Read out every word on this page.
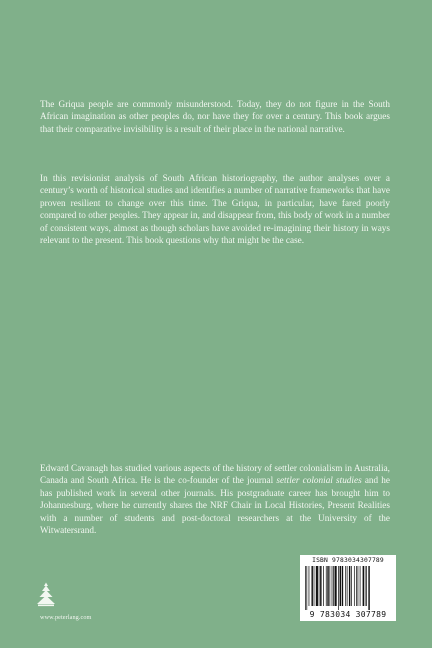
The Griqua people are commonly misunderstood. Today, they do not figure in the South African imagination as other peoples do, nor have they for over a century. This book argues that their comparative invisibility is a result of their place in the national narrative.

In this revisionist analysis of South African historiography, the author analyses over a century’s worth of historical studies and identifies a number of narrative frameworks that have proven resilient to change over this time. The Griqua, in particular, have fared poorly compared to other peoples. They appear in, and disappear from, this body of work in a number of consistent ways, almost as though scholars have avoided re-imagining their history in ways relevant to the present. This book questions why that might be the case.

Edward Cavanagh has studied various aspects of the history of settler colonialism in Australia, Canada and South Africa. He is the co-founder of the journal settler colonial studies and he has published work in several other journals. His postgraduate career has brought him to Johannesburg, where he currently shares the NRF Chair in Local Histories, Present Realities with a number of students and post-doctoral researchers at the University of the Witwatersrand.

www.peterlang.com
ISBN 9783034307789
9 783034 307789
